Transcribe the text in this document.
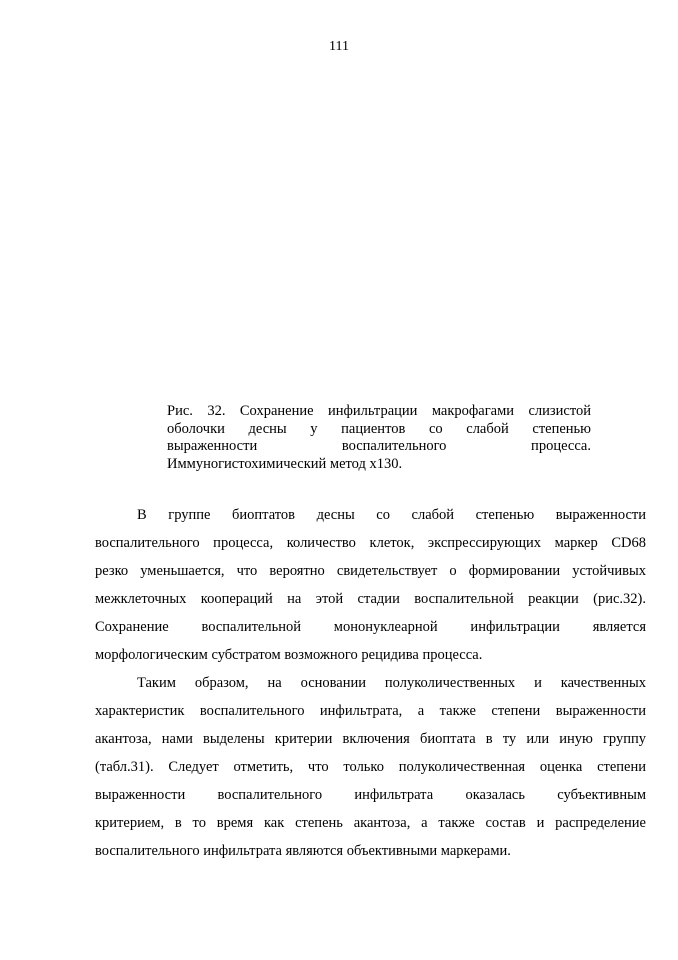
111
Рис. 32. Сохранение инфильтрации макрофагами слизистой
оболочки десны у пациентов со слабой степенью
выраженности воспалительного процесса.
Иммуногистохимический метод х130.
В группе биоптатов десны со слабой степенью выраженности
воспалительного процесса, количество клеток, экспрессирующих маркер CD68
резко уменьшается, что вероятно свидетельствует о формировании устойчивых
межклеточных коопераций на этой стадии воспалительной реакции (рис.32).
Сохранение воспалительной мононуклеарной инфильтрации является
морфологическим субстратом возможного рецидива процесса.
Таким образом, на основании полуколичественных и качественных
характеристик воспалительного инфильтрата, а также степени выраженности
акантоза, нами выделены критерии включения биоптата в ту или иную группу
(табл.31). Следует отметить, что только полуколичественная оценка степени
выраженности воспалительного инфильтрата оказалась субъективным
критерием, в то время как степень акантоза, а также состав и распределение
воспалительного инфильтрата являются объективными маркерами.
